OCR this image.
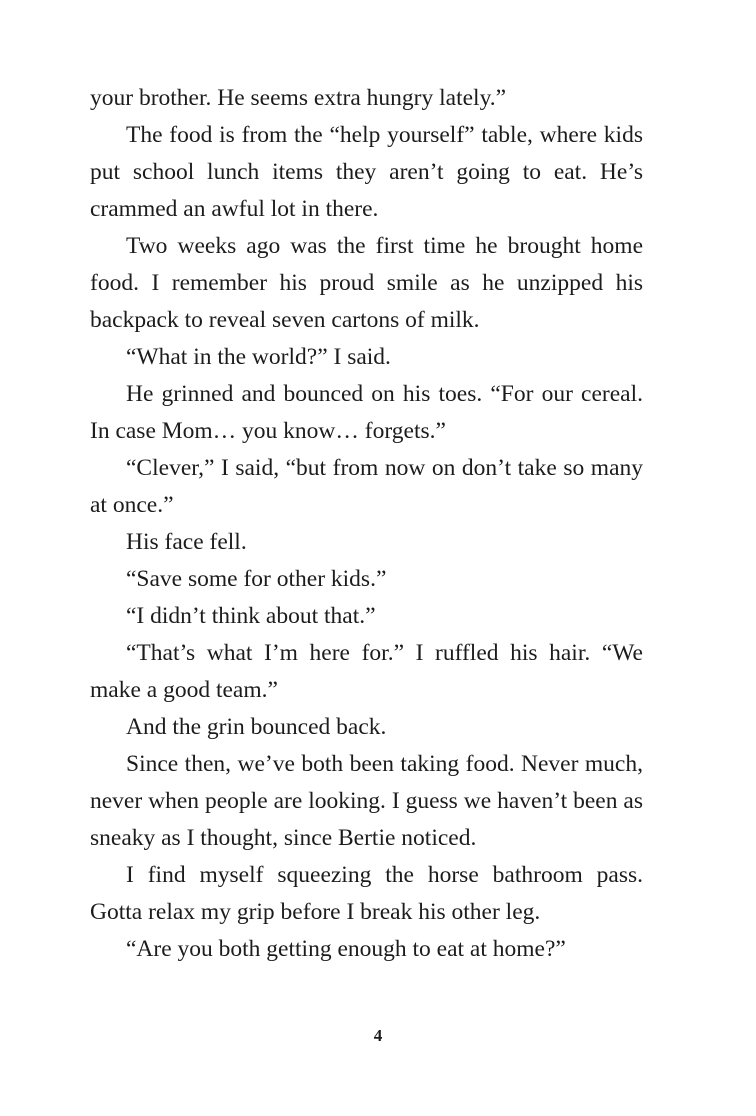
your brother. He seems extra hungry lately.”

The food is from the “help yourself” table, where kids put school lunch items they aren’t going to eat. He’s crammed an awful lot in there.

Two weeks ago was the first time he brought home food. I remember his proud smile as he unzipped his backpack to reveal seven cartons of milk.

“What in the world?” I said.

He grinned and bounced on his toes. “For our cereal. In case Mom… you know… forgets.”

“Clever,” I said, “but from now on don’t take so many at once.”

His face fell.

“Save some for other kids.”

“I didn’t think about that.”

“That’s what I’m here for.” I ruffled his hair. “We make a good team.”

And the grin bounced back.

Since then, we’ve both been taking food. Never much, never when people are looking. I guess we haven’t been as sneaky as I thought, since Bertie noticed.

I find myself squeezing the horse bathroom pass. Gotta relax my grip before I break his other leg.

“Are you both getting enough to eat at home?”

4
